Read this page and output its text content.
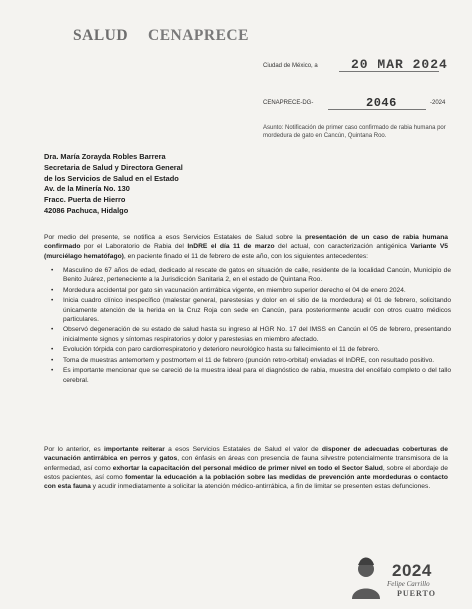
SALUD CENAPRECE
Ciudad de México, a	20 MAR 2024
CENAPRECE-DG-	2046	-2024
Asunto: Notificación de primer caso confirmado de rabia humana por mordedura de gato en Cancún, Quintana Roo.
Dra. María Zorayda Robles Barrera
Secretaria de Salud y Directora General
de los Servicios de Salud en el Estado
Av. de la Minería No. 130
Fracc. Puerta de Hierro
42086 Pachuca, Hidalgo
Por medio del presente, se notifica a esos Servicios Estatales de Salud sobre la presentación de un caso de rabia humana confirmado por el Laboratorio de Rabia del InDRE el día 11 de marzo del actual, con caracterización antigénica Variante V5 (murciélago hematófago), en paciente finado el 11 de febrero de este año, con los siguientes antecedentes:
• Masculino de 67 años de edad, dedicado al rescate de gatos en situación de calle, residente de la localidad Cancún, Municipio de Benito Juárez, perteneciente a la Jurisdicción Sanitaria 2, en el estado de Quintana Roo.
• Mordedura accidental por gato sin vacunación antirrábica vigente, en miembro superior derecho el 04 de enero 2024.
• Inicia cuadro clínico inespecífico (malestar general, parestesias y dolor en el sitio de la mordedura) el 01 de febrero, solicitando únicamente atención de la herida en la Cruz Roja con sede en Cancún, para posteriormente acudir con otros cuatro médicos particulares.
• Observó degeneración de su estado de salud hasta su ingreso al HGR No. 17 del IMSS en Cancún el 05 de febrero, presentando inicialmente signos y síntomas respiratorios y dolor y parestesias en miembro afectado.
• Evolución tórpida con paro cardiorrespiratorio y deterioro neurológico hasta su fallecimiento el 11 de febrero.
• Toma de muestras antemortem y postmortem el 11 de febrero (punción retro-orbital) enviadas el InDRE, con resultado positivo.
• Es importante mencionar que se careció de la muestra ideal para el diagnóstico de rabia, muestra del encéfalo completo o del tallo cerebral.
Por lo anterior, es importante reiterar a esos Servicios Estatales de Salud el valor de disponer de adecuadas coberturas de vacunación antirrábica en perros y gatos, con énfasis en áreas con presencia de fauna silvestre potencialmente transmisora de la enfermedad, así como exhortar la capacitación del personal médico de primer nivel en todo el Sector Salud, sobre el abordaje de estos pacientes, así como fomentar la educación a la población sobre las medidas de prevención ante mordeduras o contacto con esta fauna y acudir inmediatamente a solicitar la atención médico-antirrábica, a fin de limitar se presenten estas defunciones.
2024
Felipe Carrillo
PUERTO
